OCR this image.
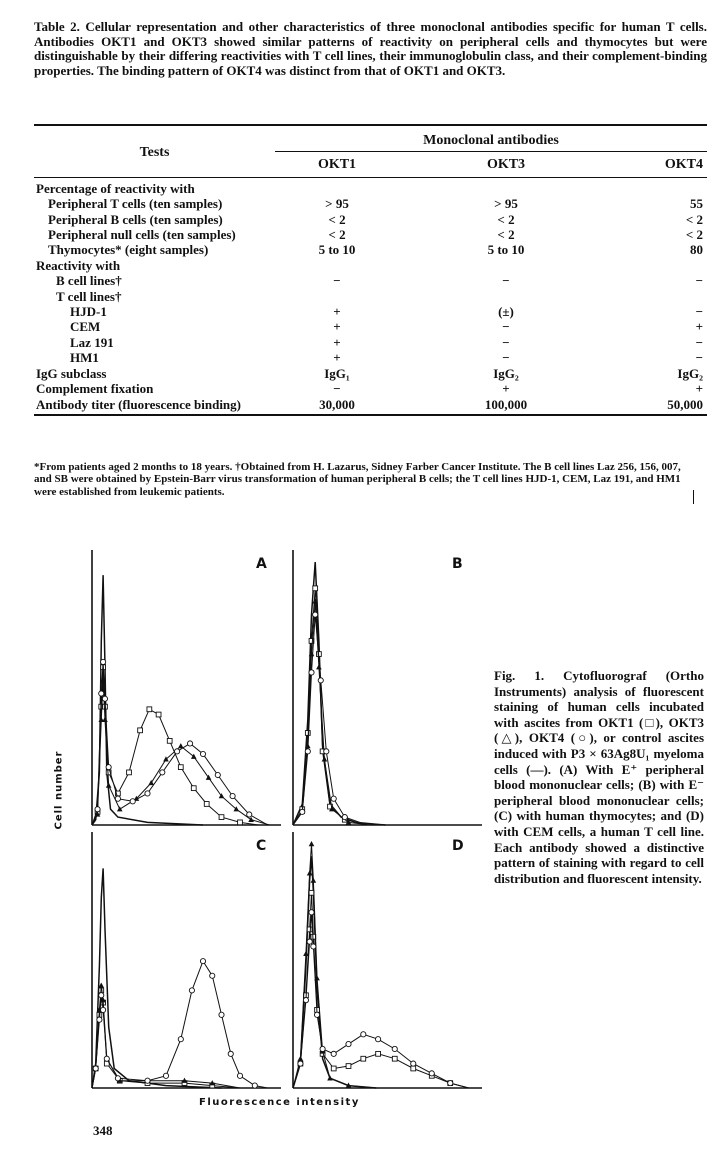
Table 2. Cellular representation and other characteristics of three monoclonal antibodies specific for human T cells. Antibodies OKT1 and OKT3 showed similar patterns of reactivity on peripheral cells and thymocytes but were distinguishable by their differing reactivities with T cell lines, their immunoglobulin class, and their complement-binding properties. The binding pattern of OKT4 was distinct from that of OKT1 and OKT3.

Tests	Monoclonal antibodies		
	OKT1	OKT3	OKT4

Percentage of reactivity with			
Peripheral T cells (ten samples)	> 95	> 95	55
Peripheral B cells (ten samples)	< 2	< 2	< 2
Peripheral null cells (ten samples)	< 2	< 2	< 2
Thymocytes* (eight samples)	5 to 10	5 to 10	80
Reactivity with			
B cell lines†	−	−	−
T cell lines†			
HJD-1	+	(±)	−
CEM	+	−	+
Laz 191	+	−	−
HM1	+	−	−
IgG subclass	IgG₁	IgG₂	IgG₂
Complement fixation	−	+	+
Antibody titer (fluorescence binding)	30,000	100,000	50,000

*From patients aged 2 months to 18 years. †Obtained from H. Lazarus, Sidney Farber Cancer Institute. The B cell lines Laz 256, 156, 007, and SB were obtained by Epstein-Barr virus transformation of human peripheral B cells; the T cell lines HJD-1, CEM, Laz 191, and HM1 were established from leukemic patients.

A	B
C	D
Cell number
Fluorescence intensity

Fig. 1. Cytofluorograf (Ortho Instruments) analysis of fluorescent staining of human cells incubated with ascites from OKT1 (□), OKT3 (△), OKT4 (○), or control ascites induced with P3 × 63Ag8U₁ myeloma cells (—). (A) With E⁺ peripheral blood mononuclear cells; (B) with E⁻ peripheral blood mononuclear cells; (C) with human thymocytes; and (D) with CEM cells, a human T cell line. Each antibody showed a distinctive pattern of staining with regard to cell distribution and fluorescent intensity.

348
